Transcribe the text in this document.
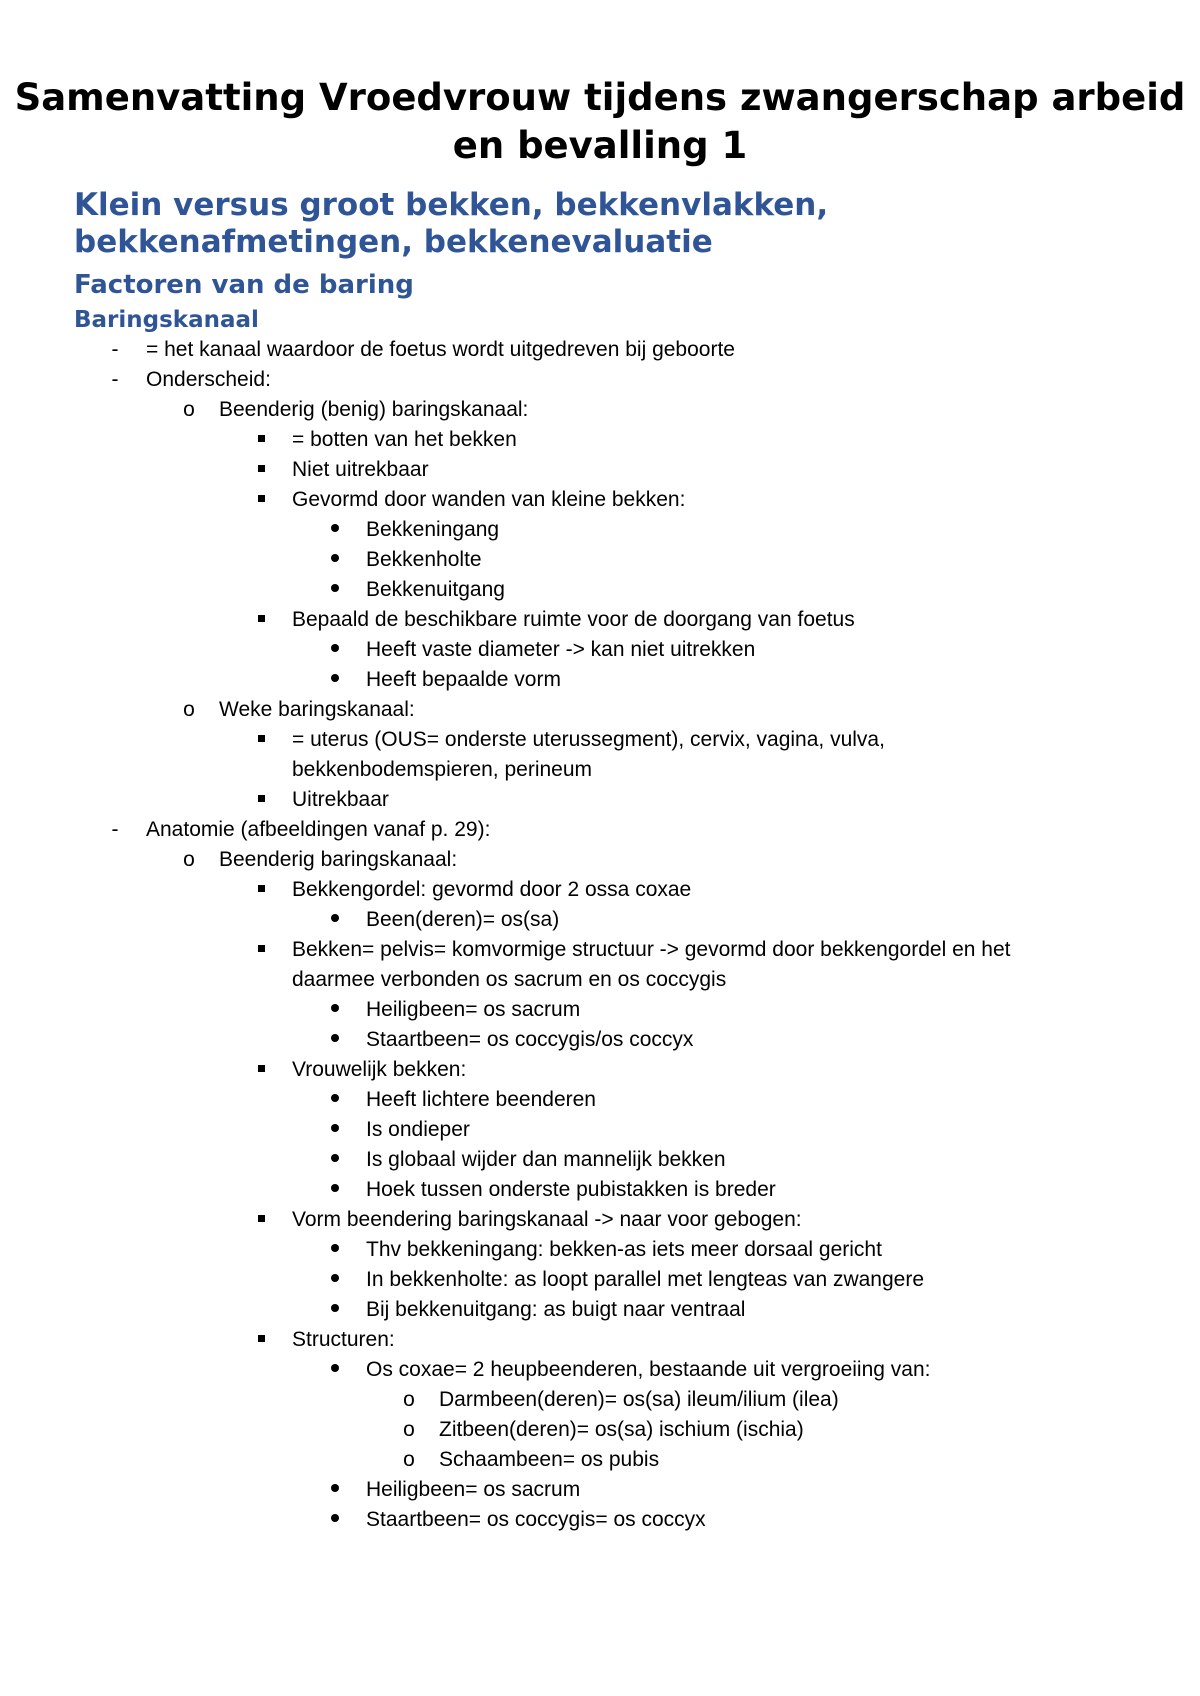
Samenvatting Vroedvrouw tijdens zwangerschap arbeid en bevalling 1
Klein versus groot bekken, bekkenvlakken, bekkenafmetingen, bekkenevaluatie
Factoren van de baring
Baringskanaal
-	= het kanaal waardoor de foetus wordt uitgedreven bij geboorte
-	Onderscheid:
o	Beenderig (benig) baringskanaal:
= botten van het bekken
Niet uitrekbaar
Gevormd door wanden van kleine bekken:
Bekkeningang
Bekkenholte
Bekkenuitgang
Bepaald de beschikbare ruimte voor de doorgang van foetus
Heeft vaste diameter -> kan niet uitrekken
Heeft bepaalde vorm
o	Weke baringskanaal:
= uterus (OUS= onderste uterussegment), cervix, vagina, vulva, bekkenbodemspieren, perineum
Uitrekbaar
-	Anatomie (afbeeldingen vanaf p. 29):
o	Beenderig baringskanaal:
Bekkengordel: gevormd door 2 ossa coxae
Been(deren)= os(sa)
Bekken= pelvis= komvormige structuur -> gevormd door bekkengordel en het daarmee verbonden os sacrum en os coccygis
Heiligbeen= os sacrum
Staartbeen= os coccygis/os coccyx
Vrouwelijk bekken:
Heeft lichtere beenderen
Is ondieper
Is globaal wijder dan mannelijk bekken
Hoek tussen onderste pubistakken is breder
Vorm beendering baringskanaal -> naar voor gebogen:
Thv bekkeningang: bekken-as iets meer dorsaal gericht
In bekkenholte: as loopt parallel met lengteas van zwangere
Bij bekkenuitgang: as buigt naar ventraal
Structuren:
Os coxae= 2 heupbeenderen, bestaande uit vergroeiing van:
o	Darmbeen(deren)= os(sa) ileum/ilium (ilea)
o	Zitbeen(deren)= os(sa) ischium (ischia)
o	Schaambeen= os pubis
Heiligbeen= os sacrum
Staartbeen= os coccygis= os coccyx
